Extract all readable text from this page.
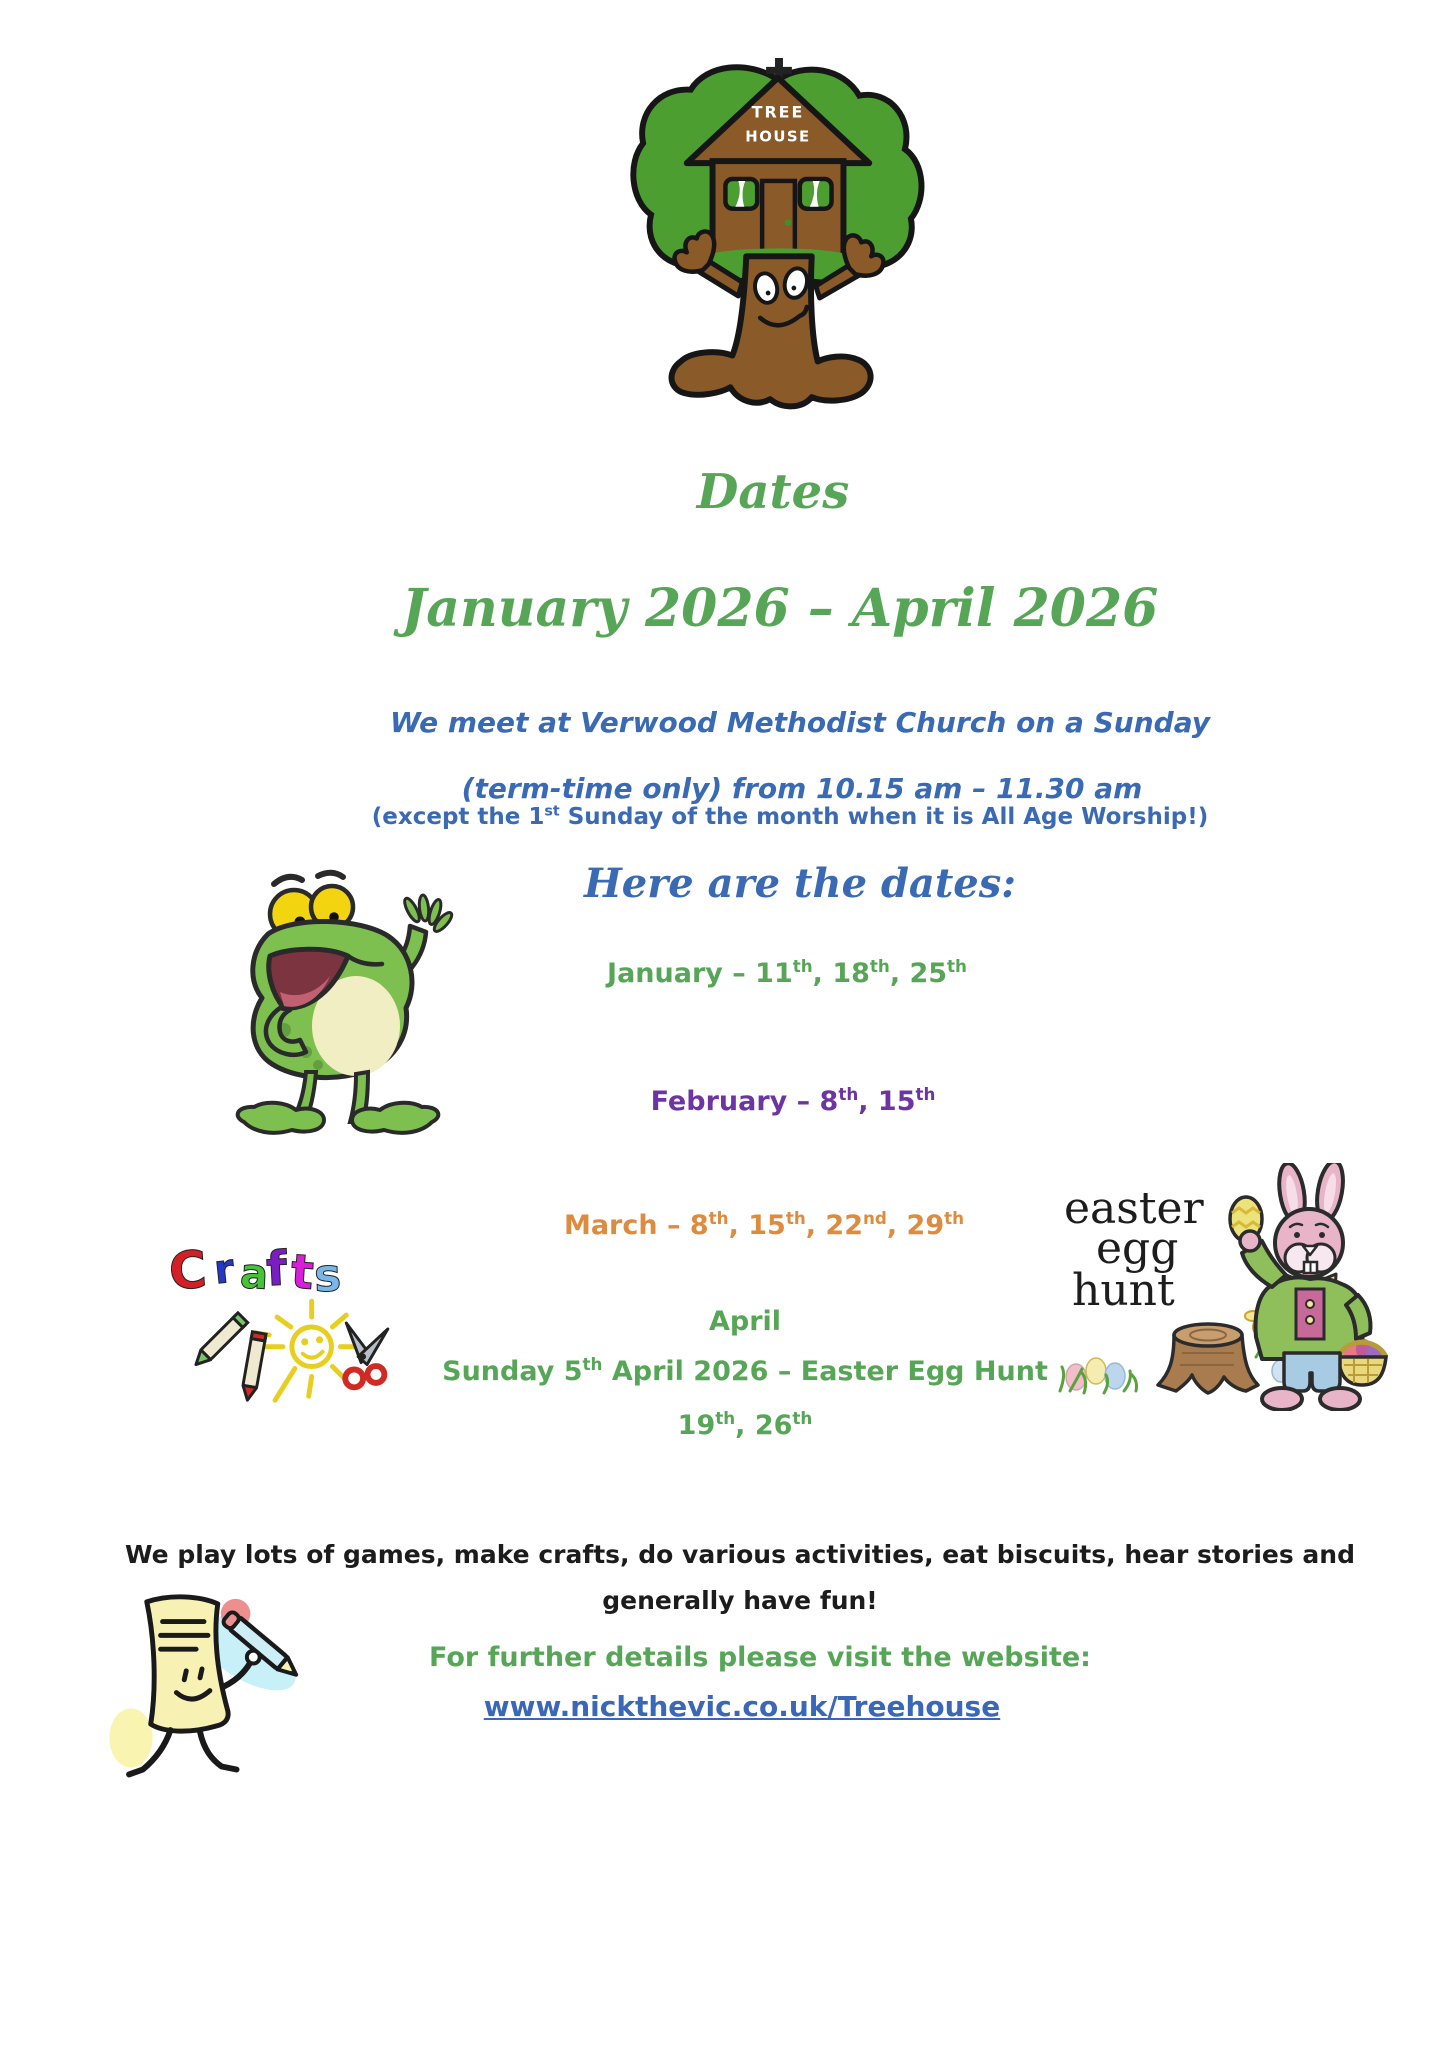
TREE
HOUSE
Dates
January 2026 – April 2026
We meet at Verwood Methodist Church on a Sunday
(term-time only) from 10.15 am – 11.30 am
(except the 1st Sunday of the month when it is All Age Worship!)
Here are the dates:
January – 11th, 18th, 25th
February – 8th, 15th
March – 8th, 15th, 22nd, 29th
April
Sunday 5th April 2026 – Easter Egg Hunt
19th, 26th
C r a
f t
s
easter
egg
hunt
We play lots of games, make crafts, do various activities, eat biscuits, hear stories and
generally have fun!
For further details please visit the website:
www.nickthevic.co.uk/Treehouse
